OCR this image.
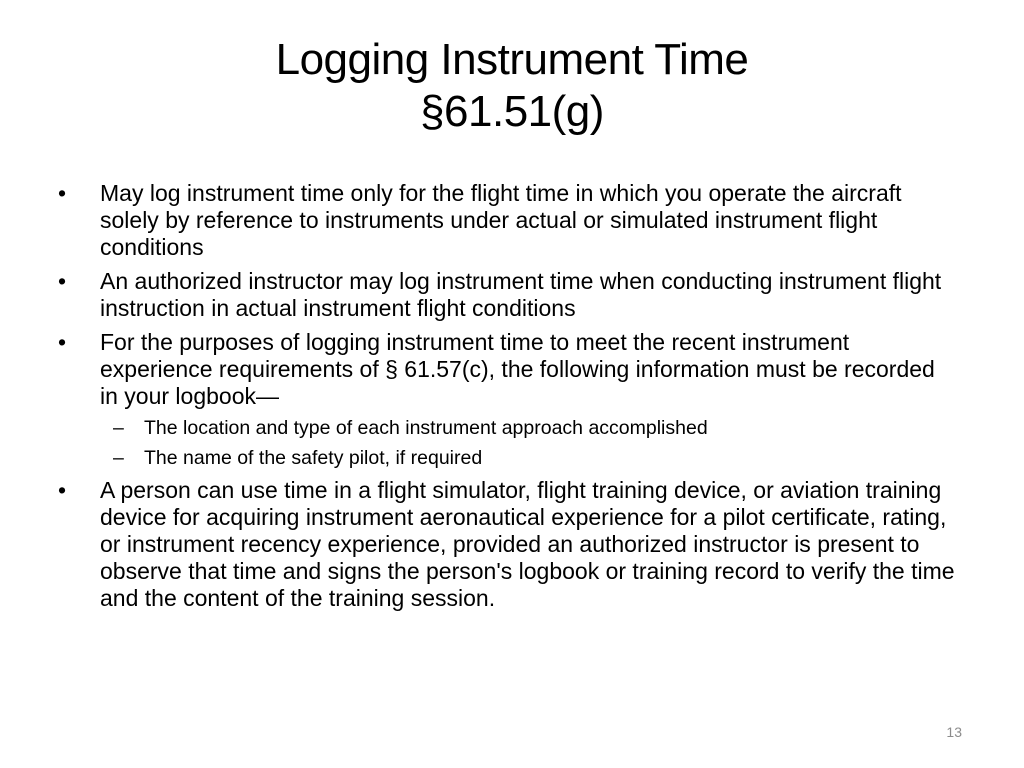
Logging Instrument Time
§61.51(g)
•	May log instrument time only for the flight time in which you operate the aircraft solely by reference to instruments under actual or simulated instrument flight conditions
•	An authorized instructor may log instrument time when conducting instrument flight instruction in actual instrument flight conditions
•	For the purposes of logging instrument time to meet the recent instrument experience requirements of § 61.57(c), the following information must be recorded in your logbook—
– The location and type of each instrument approach accomplished
– The name of the safety pilot, if required
•	A person can use time in a flight simulator, flight training device, or aviation training device for acquiring instrument aeronautical experience for a pilot certificate, rating, or instrument recency experience, provided an authorized instructor is present to observe that time and signs the person's logbook or training record to verify the time and the content of the training session.
13
